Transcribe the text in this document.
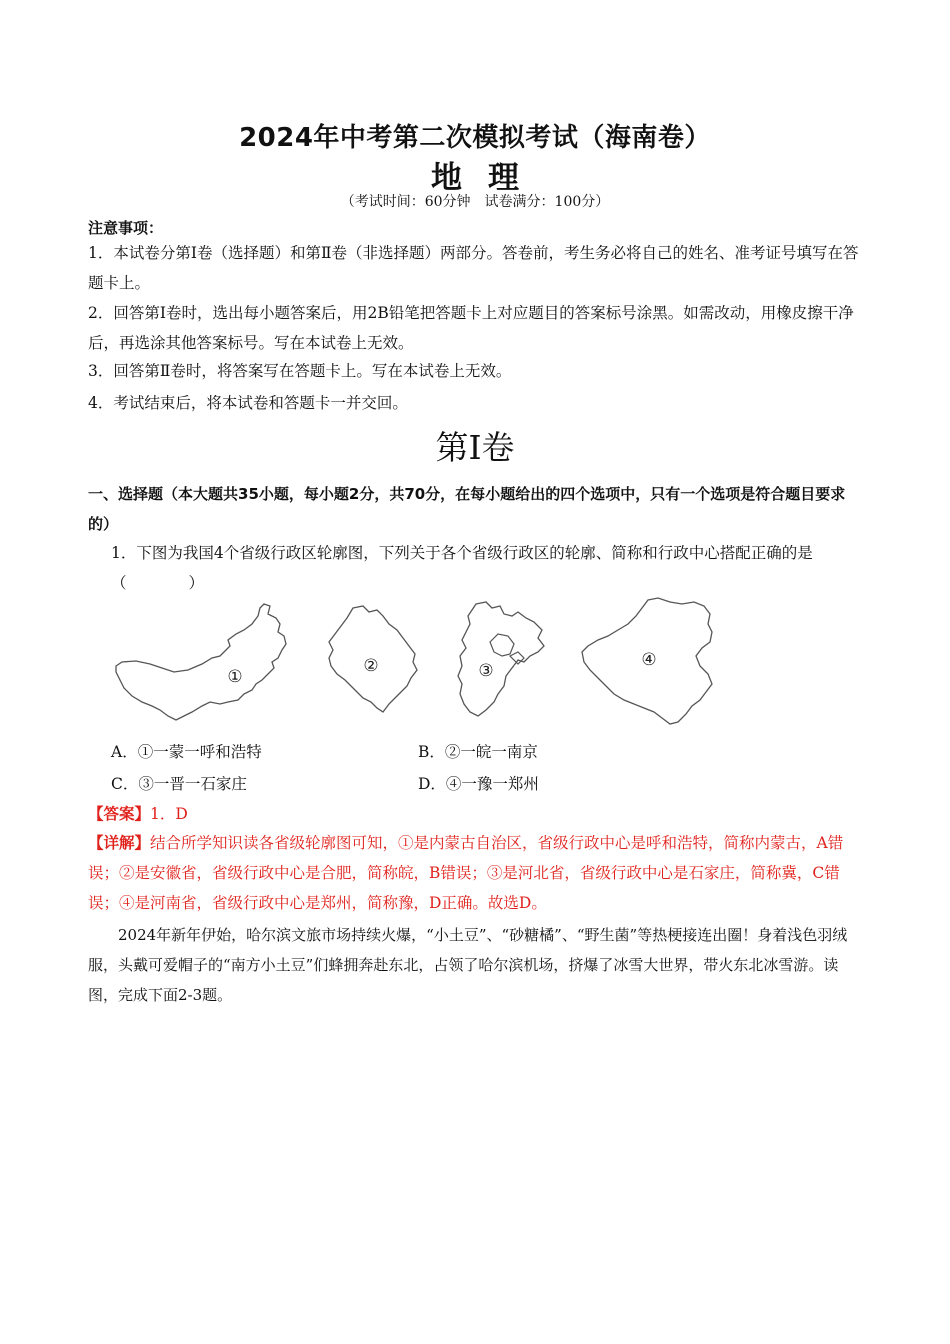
2024年中考第二次模拟考试（海南卷）
地理
（考试时间：60分钟　试卷满分：100分）
注意事项：
1．本试卷分第Ⅰ卷（选择题）和第Ⅱ卷（非选择题）两部分。答卷前，考生务必将自己的姓名、准考证号填写在答题卡上。
2．回答第Ⅰ卷时，选出每小题答案后，用2B铅笔把答题卡上对应题目的答案标号涂黑。如需改动，用橡皮擦干净后，再选涂其他答案标号。写在本试卷上无效。
3．回答第Ⅱ卷时，将答案写在答题卡上。写在本试卷上无效。
4．考试结束后，将本试卷和答题卡一并交回。
第Ⅰ卷
一、选择题（本大题共35小题，每小题2分，共70分，在每小题给出的四个选项中，只有一个选项是符合题目要求的）
1．下图为我国4个省级行政区轮廓图，下列关于各个省级行政区的轮廓、简称和行政中心搭配正确的是（　　　　）
①
②	③
④
A．①一蒙一呼和浩特	B．②一皖一南京
C．③一晋一石家庄	D．④一豫一郑州
【答案】1．D
【详解】结合所学知识读各省级轮廓图可知，①是内蒙古自治区，省级行政中心是呼和浩特，简称内蒙古，A错误；②是安徽省，省级行政中心是合肥，简称皖，B错误；③是河北省，省级行政中心是石家庄，简称冀，C错误；④是河南省，省级行政中心是郑州，简称豫，D正确。故选D。
2024年新年伊始，哈尔滨文旅市场持续火爆，“小土豆”、“砂糖橘”、“野生菌”等热梗接连出圈！身着浅色羽绒服，头戴可爱帽子的“南方小土豆”们蜂拥奔赴东北，占领了哈尔滨机场，挤爆了冰雪大世界，带火东北冰雪游。读图，完成下面2-3题。
